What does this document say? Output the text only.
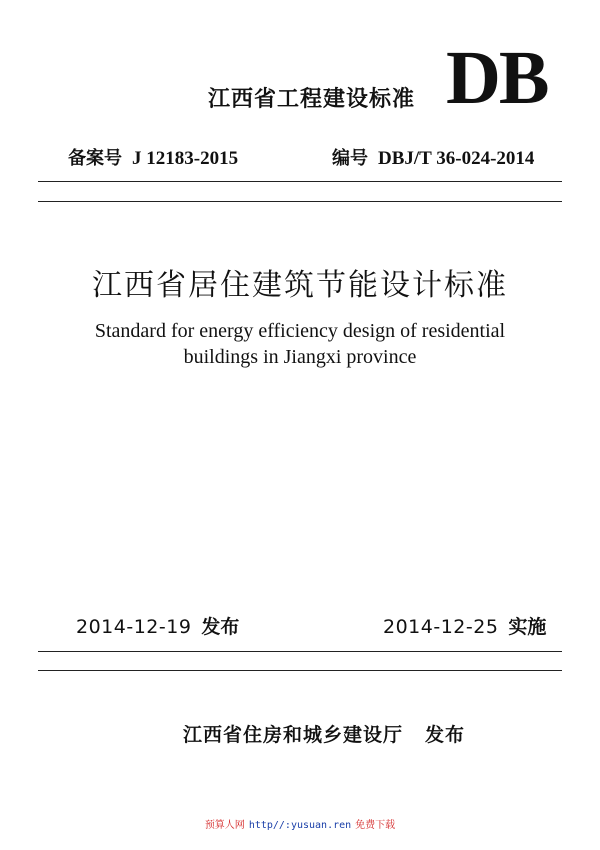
江西省工程建设标准 DB
备案号 J 12183-2015	编号 DBJ/T 36-024-2014
江西省居住建筑节能设计标准
Standard for energy efficiency design of residential
buildings in Jiangxi province
2014-12-19 发布	2014-12-25 实施
江西省住房和城乡建设厅 发布
预算人网 http//:yusuan.ren 免费下载
